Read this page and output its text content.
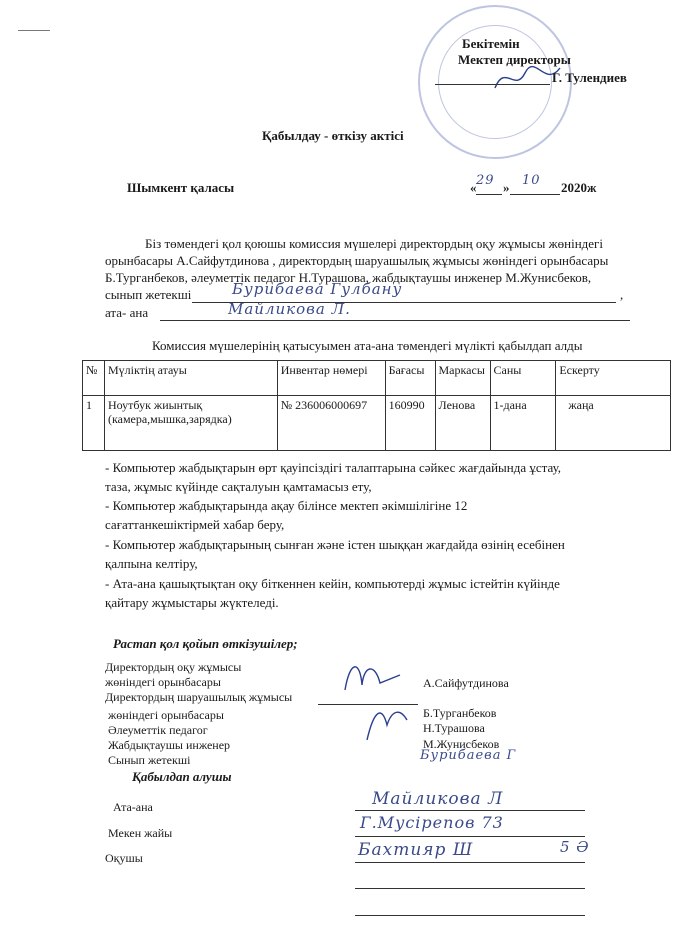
Бекітемін
Мектеп директоры
Г. Тулендиев
Қабылдау - өткізу актісі
Шымкент қаласы	« 29 » 10 2020ж
Біз төмендегі қол қоюшы комиссия мүшелері директордың оқу жұмысы жөніндегі
орынбасары А.Сайфутдинова , директордың шаруашылық жұмысы жөніндегі орынбасары
Б.Турганбеков, әлеуметтік педагог Н.Турашова, жабдықтаушы инженер М.Жунисбеков,
сынып жетекші	Бурибаева Гулбану	,
ата- ана	Майликова Л.
Комиссия мүшелерінің қатысуымен ата-ана төмендегі мүлікті қабылдап алды
№	Мүліктің атауы	Инвентар нөмері	Бағасы	Маркасы	Саны	Ескерту
1	Ноутбук жиынтық (камера,мышка,зарядка)	№ 236006000697	160990	Ленова	1-дана	жаңа
- Компьютер жабдықтарын өрт қауіпсіздігі талаптарына сәйкес жағдайында ұстау,
таза, жұмыс күйінде сақталуын қамтамасыз ету,
- Компьютер жабдықтарында ақау білінсе мектеп әкімшілігіне 12
сағаттанкешіктірмей хабар беру,
- Компьютер жабдықтарының сынған және істен шыққан жағдайда өзінің есебінен
қалпына келтіру,
- Ата-ана қашықтықтан оқу біткеннен кейін, компьютерді жұмыс істейтін күйінде
қайтару жұмыстары жүктеледі.
Растап қол қойып өткізушілер;
Директордың оқу жұмысы
жөніндегі орынбасары
Директордың шаруашылық жұмысы
жөніндегі орынбасары
Әлеуметтік педагог
Жабдықтаушы инженер
Сынып жетекші
А.Сайфутдинова
Б.Турганбеков
Н.Турашова
М.Жунисбеков
Бурибаева Г
Қабылдап алушы
Ата-ана	Майликова Л
Мекен жайы
Г.Мусірепов 73
Оқушы	Бахтияр Ш	5 Ә
